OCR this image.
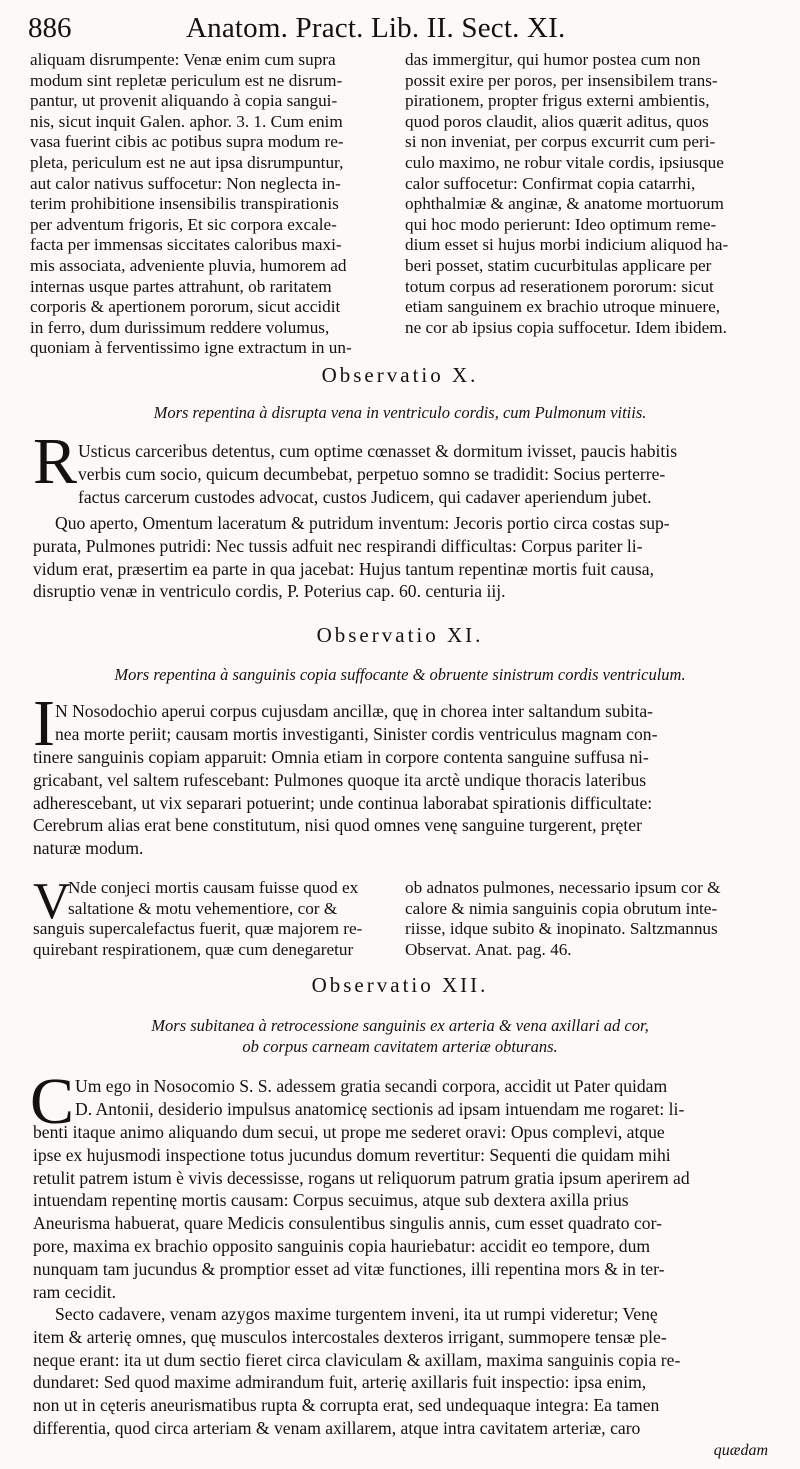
886	Anatom. Pract. Lib. II. Sect. XI.
aliquam disrumpente: Venæ enim cum supra
modum sint repletæ periculum est ne disrum-
pantur, ut provenit aliquando à copia sangui-
nis, sicut inquit Galen. aphor. 3. 1. Cum enim
vasa fuerint cibis ac potibus supra modum re-
pleta, periculum est ne aut ipsa disrumpuntur,
aut calor nativus suffocetur: Non neglecta in-
terim prohibitione insensibilis transpirationis
per adventum frigoris, Et sic corpora excale-
facta per immensas siccitates caloribus maxi-
mis associata, adveniente pluvia, humorem ad
internas usque partes attrahunt, ob raritatem
corporis & apertionem pororum, sicut accidit
in ferro, dum durissimum reddere volumus,
quoniam à ferventissimo igne extractum in un-
das immergitur, qui humor postea cum non
possit exire per poros, per insensibilem trans-
pirationem, propter frigus externi ambientis,
quod poros claudit, alios quærit aditus, quos
si non inveniat, per corpus excurrit cum peri-
culo maximo, ne robur vitale cordis, ipsiusque
calor suffocetur: Confirmat copia catarrhi,
ophthalmiæ & anginæ, & anatome mortuorum
qui hoc modo perierunt: Ideo optimum reme-
dium esset si hujus morbi indicium aliquod ha-
beri posset, statim cucurbitulas applicare per
totum corpus ad reserationem pororum: sicut
etiam sanguinem ex brachio utroque minuere,
ne cor ab ipsius copia suffocetur. Idem ibidem.
Observatio X.
Mors repentina à disrupta vena in ventriculo cordis, cum Pulmonum vitiis.
R Usticus carceribus detentus, cum optime cœnasset & dormitum ivisset, paucis habitis
verbis cum socio, quicum decumbebat, perpetuo somno se tradidit: Socius perterre-
factus carcerum custodes advocat, custos Judicem, qui cadaver aperiendum jubet.
Quo aperto, Omentum laceratum & putridum inventum: Jecoris portio circa costas sup-
purata, Pulmones putridi: Nec tussis adfuit nec respirandi difficultas: Corpus pariter li-
vidum erat, præsertim ea parte in qua jacebat: Hujus tantum repentinæ mortis fuit causa,
disruptio venæ in ventriculo cordis, P. Poterius cap. 60. centuria iij.
Observatio XI.
Mors repentina à sanguinis copia suffocante & obruente sinistrum cordis ventriculum.
I N Nosodochio aperui corpus cujusdam ancillæ, quę in chorea inter saltandum subita-
nea morte periit; causam mortis investiganti, Sinister cordis ventriculus magnam con-
tinere sanguinis copiam apparuit: Omnia etiam in corpore contenta sanguine suffusa ni-
gricabant, vel saltem rufescebant: Pulmones quoque ita arctè undique thoracis lateribus
adherescebant, ut vix separari potuerint; unde continua laborabat spirationis difficultate:
Cerebrum alias erat bene constitutum, nisi quod omnes venę sanguine turgerent, pręter
naturæ modum.
V
Nde conjeci mortis causam fuisse quod ex
saltatione & motu vehementiore, cor &
sanguis supercalefactus fuerit, quæ majorem re-
quirebant respirationem, quæ cum denegaretur
ob adnatos pulmones, necessario ipsum cor &
calore & nimia sanguinis copia obrutum inte-
riisse, idque subito & inopinato. Saltzmannus
Observat. Anat. pag. 46.
Observatio XII.
Mors subitanea à retrocessione sanguinis ex arteria & vena axillari ad cor,
ob corpus carneam cavitatem arteriæ obturans.
C Um ego in Nosocomio S. S. adessem gratia secandi corpora, accidit ut Pater quidam
D. Antonii, desiderio impulsus anatomicę sectionis ad ipsam intuendam me rogaret: li-
benti itaque animo aliquando dum secui, ut prope me sederet oravi: Opus complevi, atque
ipse ex hujusmodi inspectione totus jucundus domum revertitur: Sequenti die quidam mihi
retulit patrem istum è vivis decessisse, rogans ut reliquorum patrum gratia ipsum aperirem ad
intuendam repentinę mortis causam: Corpus secuimus, atque sub dextera axilla prius
Aneurisma habuerat, quare Medicis consulentibus singulis annis, cum esset quadrato cor-
pore, maxima ex brachio opposito sanguinis copia hauriebatur: accidit eo tempore, dum
nunquam tam jucundus & promptior esset ad vitæ functiones, illi repentina mors & in ter-
ram cecidit.
Secto cadavere, venam azygos maxime turgentem inveni, ita ut rumpi videretur; Venę
item & arterię omnes, quę musculos intercostales dexteros irrigant, summopere tensæ ple-
neque erant: ita ut dum sectio fieret circa claviculam & axillam, maxima sanguinis copia re-
dundaret: Sed quod maxime admirandum fuit, arterię axillaris fuit inspectio: ipsa enim,
non ut in cęteris aneurismatibus rupta & corrupta erat, sed undequaque integra: Ea tamen
differentia, quod circa arteriam & venam axillarem, atque intra cavitatem arteriæ, caro
quædam
